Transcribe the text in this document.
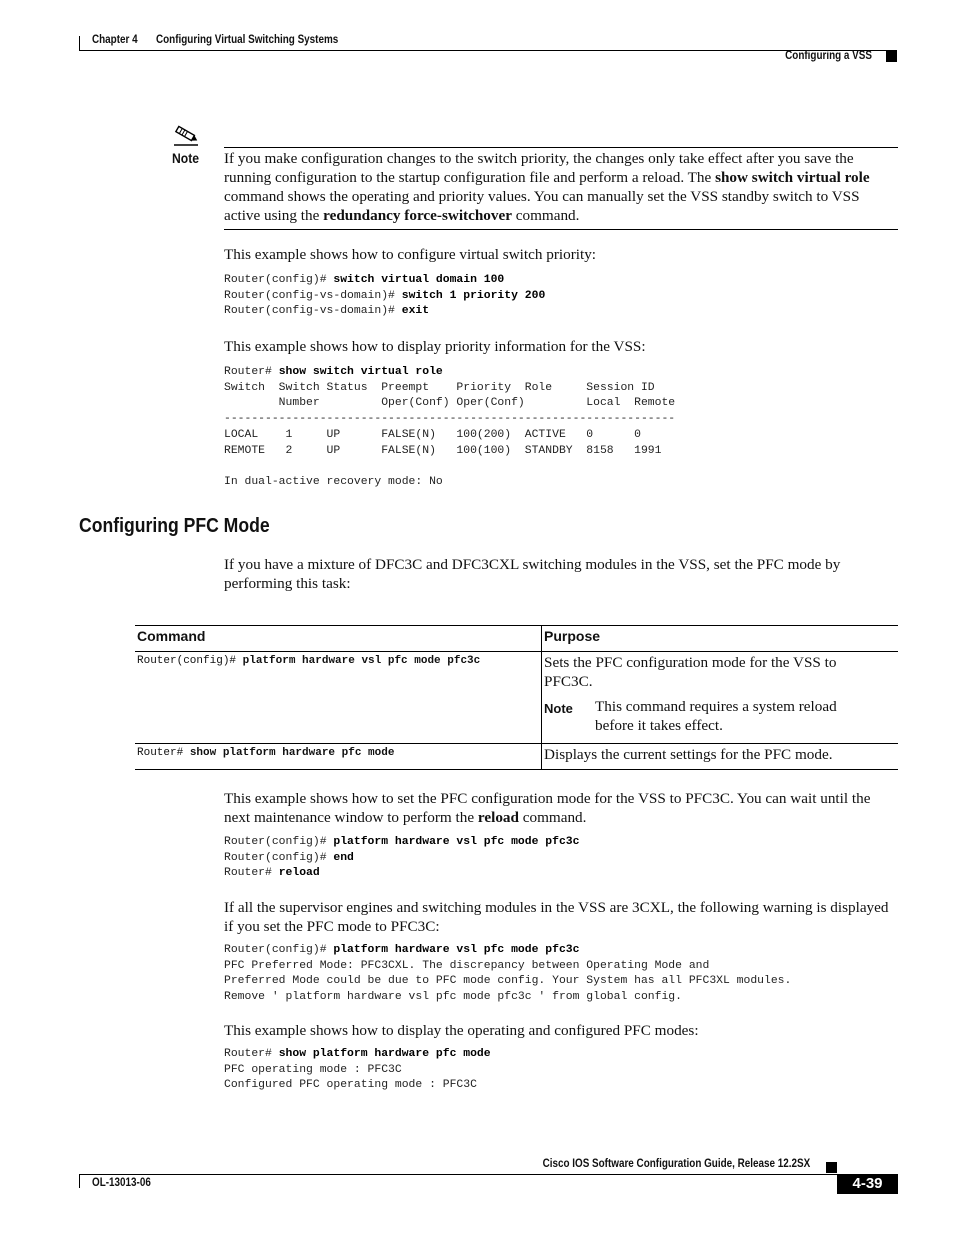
Chapter 4 Configuring Virtual Switching Systems
Configuring a VSS
Note If you make configuration changes to the switch priority, the changes only take effect after you save the running configuration to the startup configuration file and perform a reload. The show switch virtual role command shows the operating and priority values. You can manually set the VSS standby switch to VSS active using the redundancy force-switchover command.
This example shows how to configure virtual switch priority:
Router(config)# switch virtual domain 100
Router(config-vs-domain)# switch 1 priority 200
Router(config-vs-domain)# exit
This example shows how to display priority information for the VSS:
Router# show switch virtual role
Switch  Switch Status  Preempt    Priority  Role     Session ID
Number         Oper(Conf) Oper(Conf)         Local  Remote
------------------------------------------------------------------
LOCAL    1     UP      FALSE(N)   100(200)  ACTIVE   0      0
REMOTE   2     UP      FALSE(N)   100(100)  STANDBY  8158   1991

In dual-active recovery mode: No
Configuring PFC Mode
If you have a mixture of DFC3C and DFC3CXL switching modules in the VSS, set the PFC mode by performing this task:
Command	Purpose
Router(config)# platform hardware vsl pfc mode pfc3c	Sets the PFC configuration mode for the VSS to PFC3C.
Note This command requires a system reload before it takes effect.

Router# show platform hardware pfc mode	Displays the current settings for the PFC mode.
This example shows how to set the PFC configuration mode for the VSS to PFC3C. You can wait until the next maintenance window to perform the reload command.
Router(config)# platform hardware vsl pfc mode pfc3c
Router(config)# end
Router# reload
If all the supervisor engines and switching modules in the VSS are 3CXL, the following warning is displayed if you set the PFC mode to PFC3C:
Router(config)# platform hardware vsl pfc mode pfc3c
PFC Preferred Mode: PFC3CXL. The discrepancy between Operating Mode and
Preferred Mode could be due to PFC mode config. Your System has all PFC3XL modules.
Remove ' platform hardware vsl pfc mode pfc3c ' from global config.
This example shows how to display the operating and configured PFC modes:
Router# show platform hardware pfc mode
PFC operating mode : PFC3C
Configured PFC operating mode : PFC3C
Cisco IOS Software Configuration Guide, Release 12.2SX
OL-13013-06	4-39
